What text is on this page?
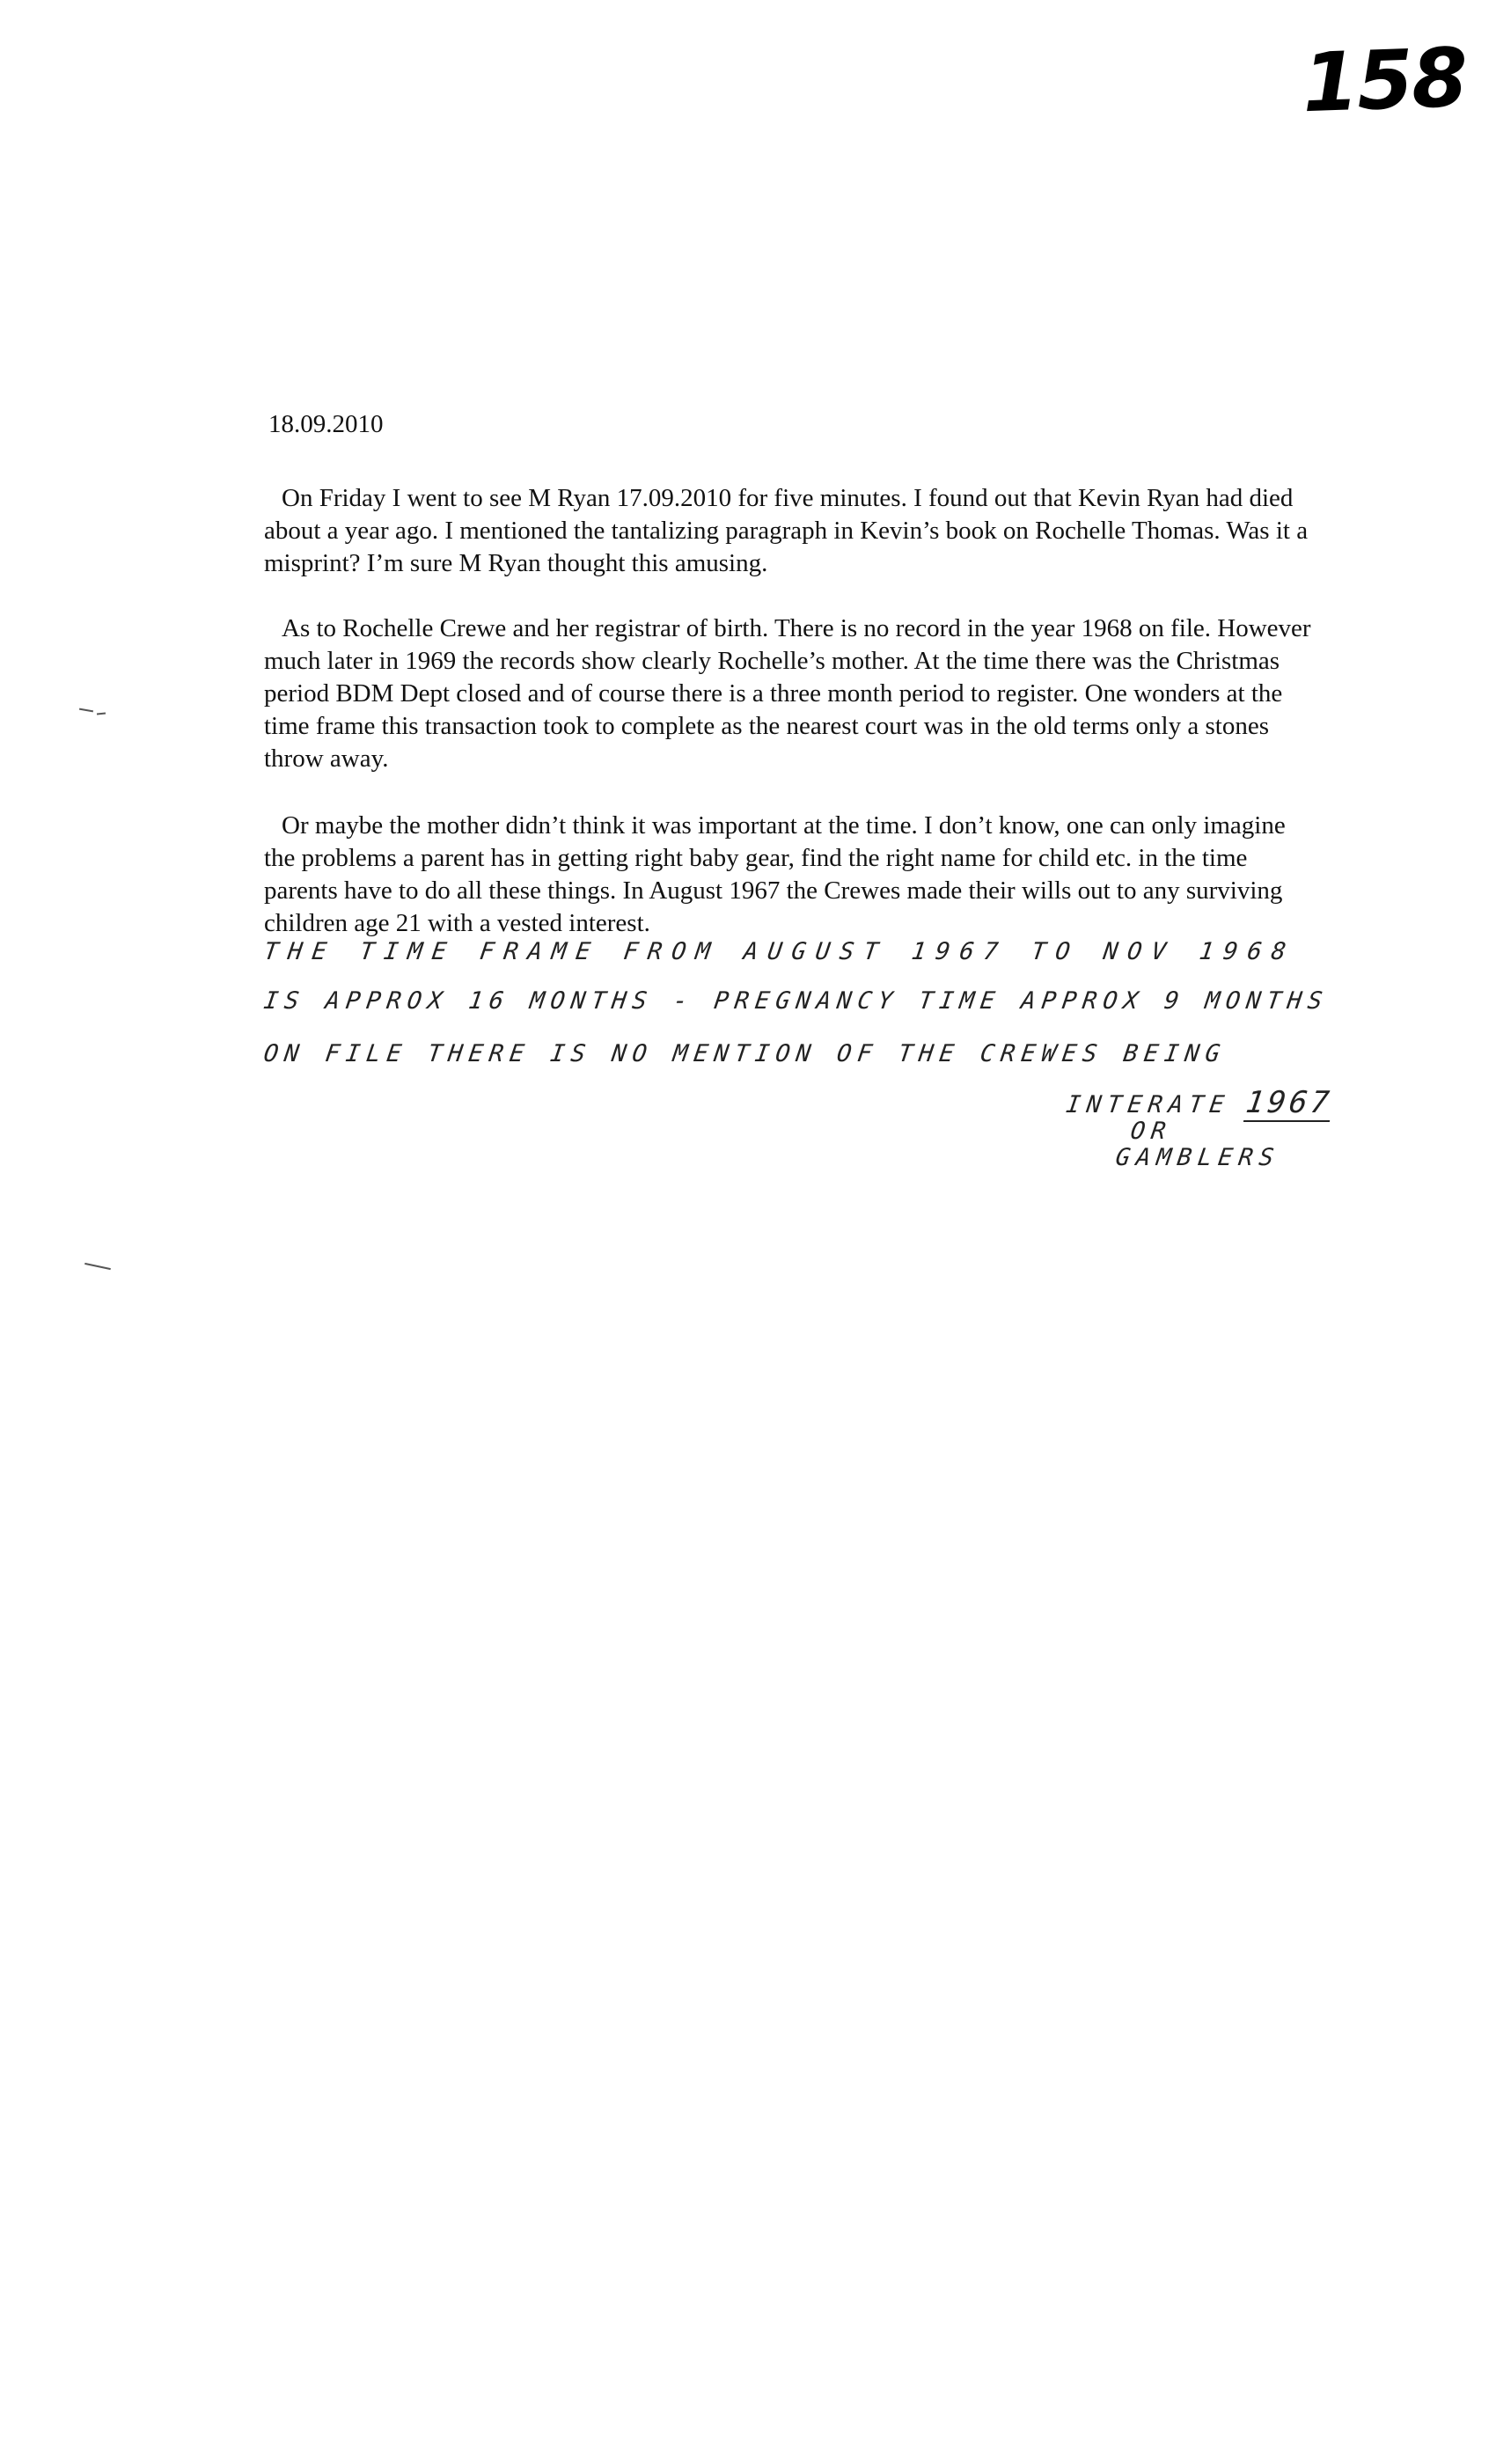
158
18.09.2010

On Friday I went to see M Ryan 17.09.2010 for five minutes. I found out that Kevin Ryan had died about a year ago. I mentioned the tantalizing paragraph in Kevin’s book on Rochelle Thomas. Was it a misprint? I’m sure M Ryan thought this amusing.

As to Rochelle Crewe and her registrar of birth. There is no record in the year 1968 on file. However much later in 1969 the records show clearly Rochelle’s mother. At the time there was the Christmas period BDM Dept closed and of course there is a three month period to register. One wonders at the time frame this transaction took to complete as the nearest court was in the old terms only a stones throw away.

Or maybe the mother didn’t think it was important at the time. I don’t know, one can only imagine the problems a parent has in getting right baby gear, find the right name for child etc. in the time parents have to do all these things. In August 1967 the Crewes made their wills out to any surviving children age 21 with a vested interest.

THE TIME FRAME FROM AUGUST 1967 TO NOV 1968
IS APPROX 16 MONTHS - PREGNANCY TIME APPROX 9 MONTHS
ON FILE THERE IS NO MENTION OF THE CREWES BEING
INTERATE 1967
OR
GAMBLERS
